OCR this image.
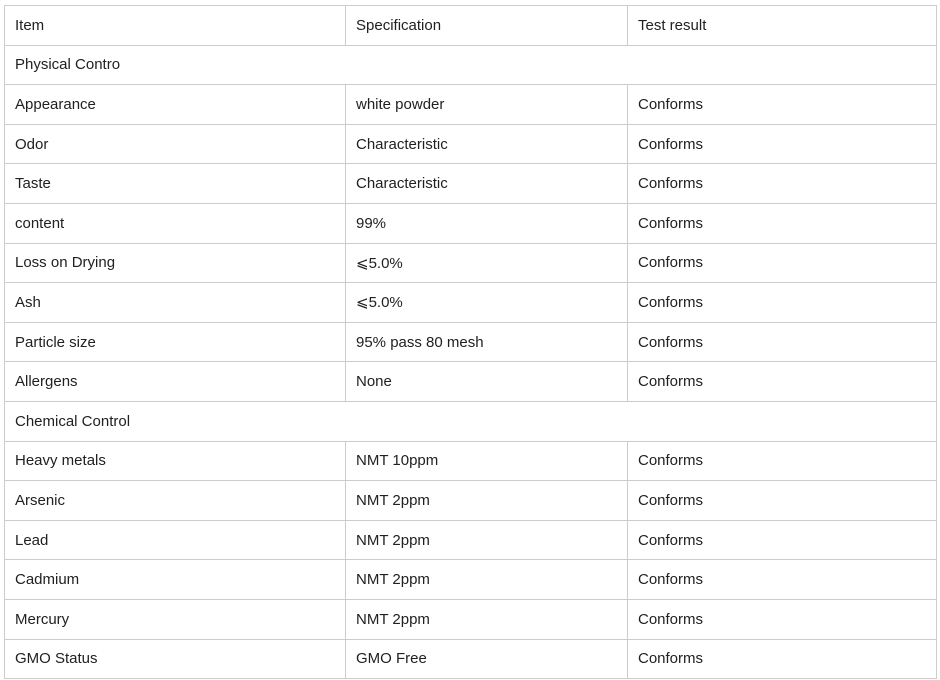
Item	Specification	Test result
Physical Contro		
Appearance	white powder	Conforms
Odor	Characteristic	Conforms
Taste	Characteristic	Conforms
content	99%	Conforms
Loss on Drying	⩽5.0%	Conforms
Ash	⩽5.0%	Conforms
Particle size	95% pass 80 mesh	Conforms
Allergens	None	Conforms
Chemical Control		
Heavy metals	NMT 10ppm	Conforms
Arsenic	NMT 2ppm	Conforms
Lead	NMT 2ppm	Conforms
Cadmium	NMT 2ppm	Conforms
Mercury	NMT 2ppm	Conforms
GMO Status	GMO Free	Conforms
